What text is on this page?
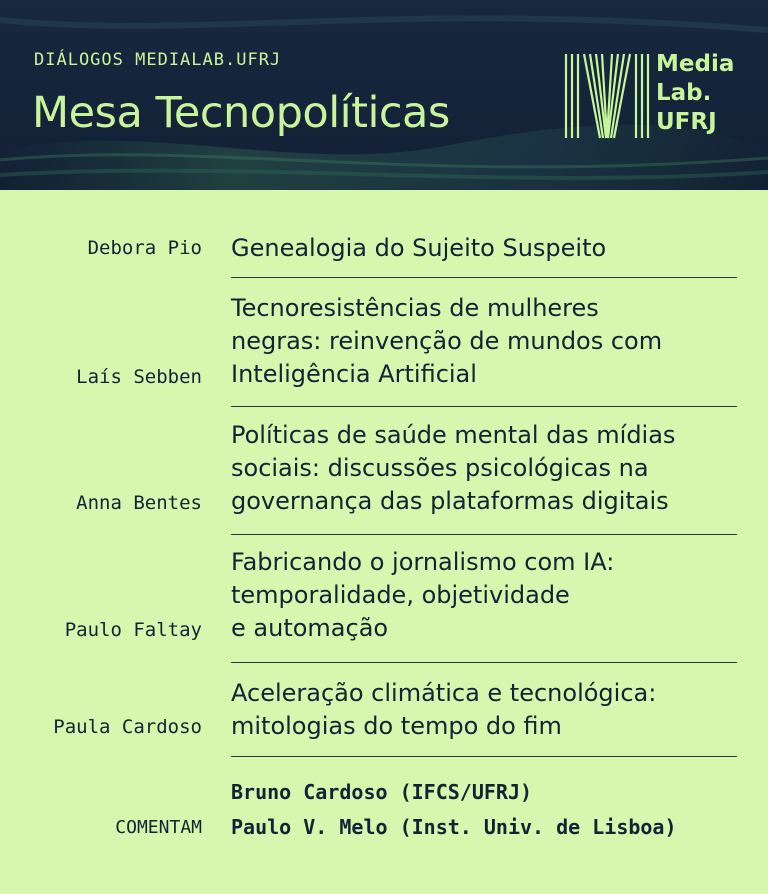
DIÁLOGOS MEDIALAB.UFRJ
Mesa Tecnopolíticas
Media
Lab.
UFRJ
Debora Pio Genealogia do Sujeito Suspeito
Laís Sebben
Tecnoresistências de mulheres
negras: reinvenção de mundos com
Inteligência Artificial
Anna Bentes
Políticas de saúde mental das mídias
sociais: discussões psicológicas na
governança das plataformas digitais
Paulo Faltay
Fabricando o jornalismo com IA:
temporalidade, objetividade
e automação
Paula Cardoso
Aceleração climática e tecnológica:
mitologias do tempo do fim
COMENTAM
Bruno Cardoso (IFCS/UFRJ)
Paulo V. Melo (Inst. Univ. de Lisboa)
